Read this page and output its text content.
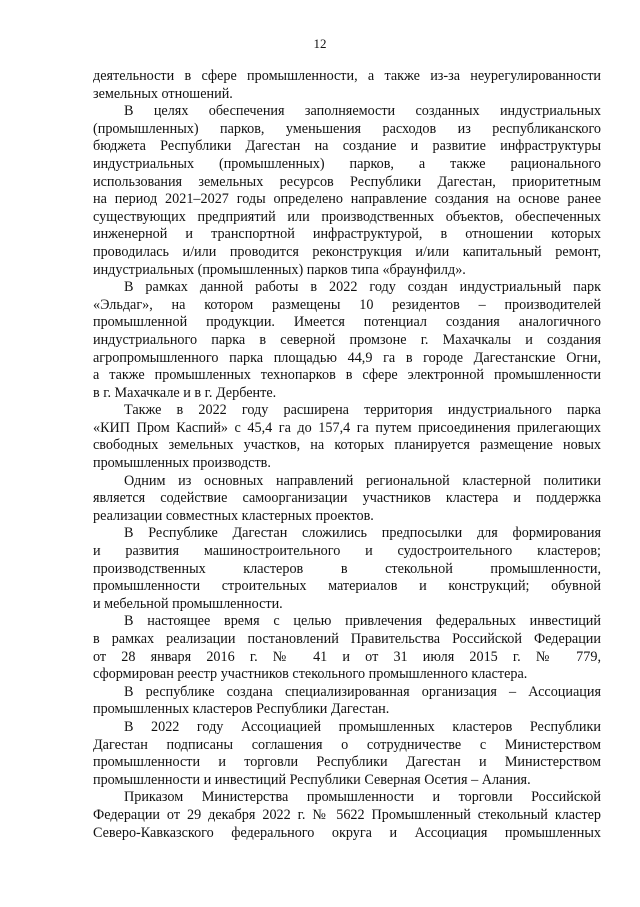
12
деятельности в сфере промышленности, а также из-за неурегулированности
земельных отношений.
В целях обеспечения заполняемости созданных индустриальных
(промышленных) парков, уменьшения расходов из республиканского
бюджета Республики Дагестан на создание и развитие инфраструктуры
индустриальных (промышленных) парков, а также рационального
использования земельных ресурсов Республики Дагестан, приоритетным
на период 2021–2027 годы определено направление создания на основе ранее
существующих предприятий или производственных объектов, обеспеченных
инженерной и транспортной инфраструктурой, в отношении которых
проводилась и/или проводится реконструкция и/или капитальный ремонт,
индустриальных (промышленных) парков типа «браунфилд».
В рамках данной работы в 2022 году создан индустриальный парк
«Эльдаг», на котором размещены 10 резидентов – производителей
промышленной продукции. Имеется потенциал создания аналогичного
индустриального парка в северной промзоне г. Махачкалы и создания
агропромышленного парка площадью 44,9 га в городе Дагестанские Огни,
а также промышленных технопарков в сфере электронной промышленности
в г. Махачкале и в г. Дербенте.
Также в 2022 году расширена территория индустриального парка
«КИП Пром Каспий» с 45,4 га до 157,4 га путем присоединения прилегающих
свободных земельных участков, на которых планируется размещение новых
промышленных производств.
Одним из основных направлений региональной кластерной политики
является содействие самоорганизации участников кластера и поддержка
реализации совместных кластерных проектов.
В Республике Дагестан сложились предпосылки для формирования
и развития машиностроительного и судостроительного кластеров;
производственных кластеров в стекольной промышленности,
промышленности строительных материалов и конструкций; обувной
и мебельной промышленности.
В настоящее время с целью привлечения федеральных инвестиций
в рамках реализации постановлений Правительства Российской Федерации
от 28 января 2016 г. № 41 и от 31 июля 2015 г. № 779,
сформирован реестр участников стекольного промышленного кластера.
В республике создана специализированная организация – Ассоциация
промышленных кластеров Республики Дагестан.
В 2022 году Ассоциацией промышленных кластеров Республики
Дагестан подписаны соглашения о сотрудничестве с Министерством
промышленности и торговли Республики Дагестан и Министерством
промышленности и инвестиций Республики Северная Осетия – Алания.
Приказом Министерства промышленности и торговли Российской
Федерации от 29 декабря 2022 г. № 5622 Промышленный стекольный кластер
Северо-Кавказского федерального округа и Ассоциация промышленных
